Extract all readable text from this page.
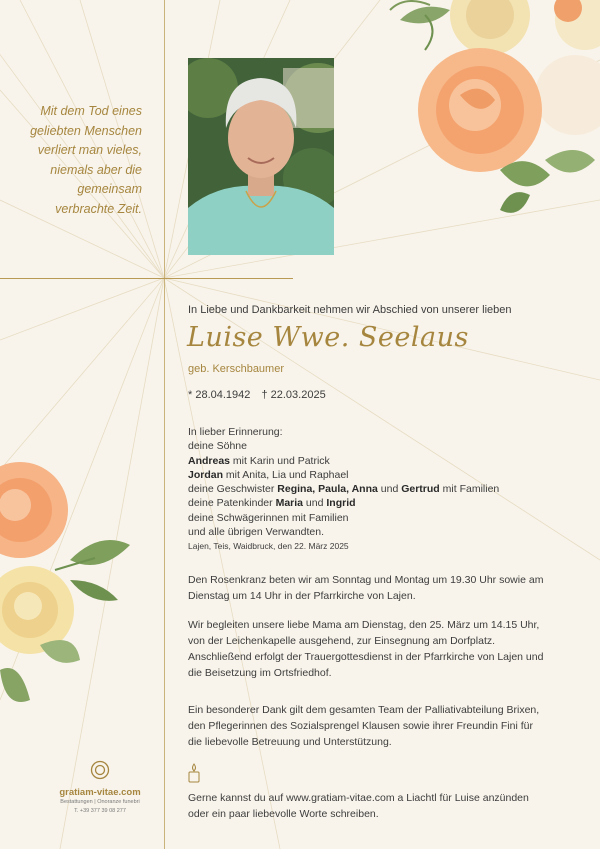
Mit dem Tod eines
geliebten Menschen
verliert man vieles,
niemals aber die
gemeinsam
verbrachte Zeit.
In Liebe und Dankbarkeit nehmen wir Abschied von unserer lieben
Luise Wwe. Seelaus
geb. Kerschbaumer
* 28.04.1942 † 22.03.2025
In lieber Erinnerung:
deine Söhne
Andreas mit Karin und Patrick
Jordan mit Anita, Lia und Raphael
deine Geschwister Regina, Paula, Anna und Gertrud mit Familien
deine Patenkinder Maria und Ingrid
deine Schwägerinnen mit Familien
und alle übrigen Verwandten.
Lajen, Teis, Waidbruck, den 22. März 2025
Den Rosenkranz beten wir am Sonntag und Montag um 19.30 Uhr sowie am Dienstag um 14 Uhr in der Pfarrkirche von Lajen.
Wir begleiten unsere liebe Mama am Dienstag, den 25. März um 14.15 Uhr, von der Leichenkapelle ausgehend, zur Einsegnung am Dorfplatz. Anschließend erfolgt der Trauergottesdienst in der Pfarrkirche von Lajen und die Beisetzung im Ortsfriedhof.
Ein besonderer Dank gilt dem gesamten Team der Palliativabteilung Brixen, den Pflegerinnen des Sozialsprengel Klausen sowie ihrer Freundin Fini für die liebevolle Betreuung und Unterstützung.
Gerne kannst du auf www.gratiam-vitae.com a Liachtl für Luise anzünden oder ein paar liebevolle Worte schreiben.
gratiam-vitae.com
Bestattungen | Onoranze funebri
T. +39 377 39 08 277
